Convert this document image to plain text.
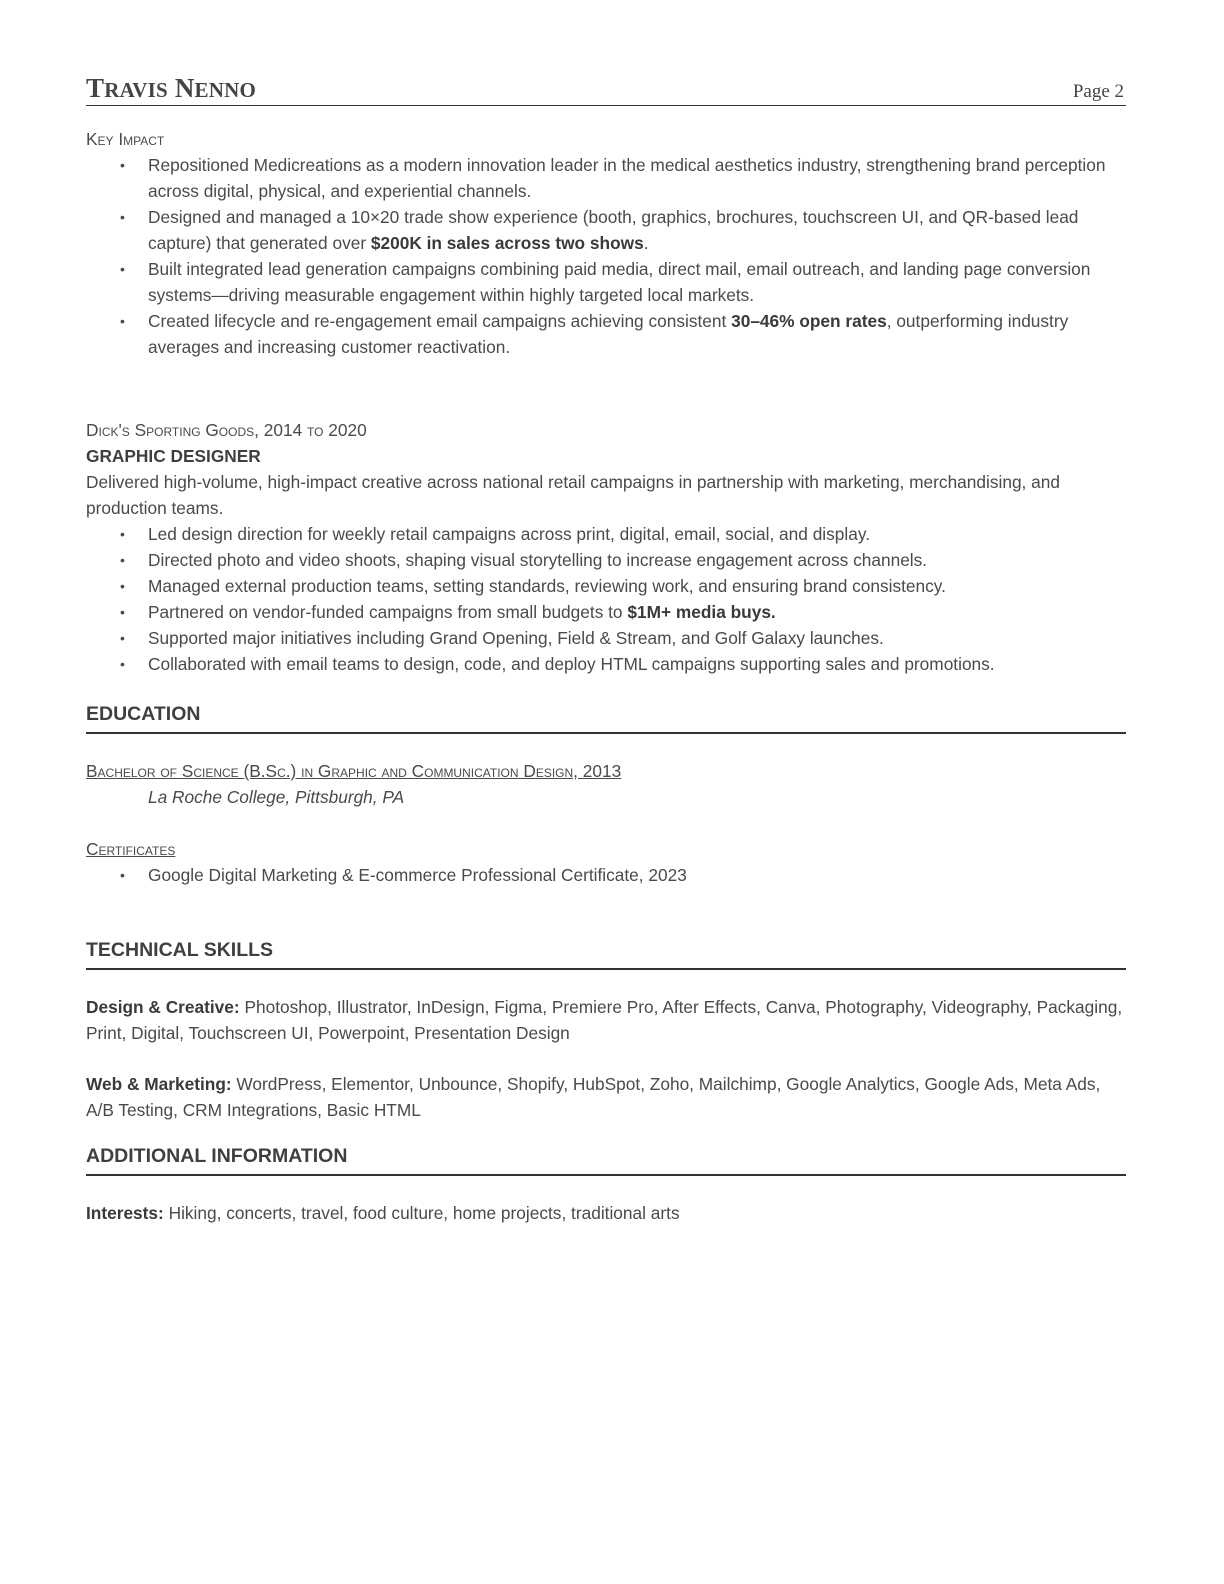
TRAVIS NENNO	Page 2

Key Impact

• Repositioned Medicreations as a modern innovation leader in the medical aesthetics industry, strengthening brand perception across digital, physical, and experiential channels.
• Designed and managed a 10×20 trade show experience (booth, graphics, brochures, touchscreen UI, and QR-based lead capture) that generated over $200K in sales across two shows.
• Built integrated lead generation campaigns combining paid media, direct mail, email outreach, and landing page conversion systems—driving measurable engagement within highly targeted local markets.
• Created lifecycle and re-engagement email campaigns achieving consistent 30–46% open rates, outperforming industry averages and increasing customer reactivation.

Dick's Sporting Goods, 2014 to 2020

GRAPHIC DESIGNER

Delivered high-volume, high-impact creative across national retail campaigns in partnership with marketing, merchandising, and production teams.

• Led design direction for weekly retail campaigns across print, digital, email, social, and display.
• Directed photo and video shoots, shaping visual storytelling to increase engagement across channels.
• Managed external production teams, setting standards, reviewing work, and ensuring brand consistency.
• Partnered on vendor-funded campaigns from small budgets to $1M+ media buys.
• Supported major initiatives including Grand Opening, Field & Stream, and Golf Galaxy launches.
• Collaborated with email teams to design, code, and deploy HTML campaigns supporting sales and promotions.

EDUCATION

Bachelor of Science (B.Sc.) in Graphic and Communication Design, 2013

La Roche College, Pittsburgh, PA

Certificates

• Google Digital Marketing & E-commerce Professional Certificate, 2023

TECHNICAL SKILLS

Design & Creative: Photoshop, Illustrator, InDesign, Figma, Premiere Pro, After Effects, Canva, Photography, Videography, Packaging, Print, Digital, Touchscreen UI, Powerpoint, Presentation Design

Web & Marketing: WordPress, Elementor, Unbounce, Shopify, HubSpot, Zoho, Mailchimp, Google Analytics, Google Ads, Meta Ads, A/B Testing, CRM Integrations, Basic HTML

ADDITIONAL INFORMATION

Interests: Hiking, concerts, travel, food culture, home projects, traditional arts
